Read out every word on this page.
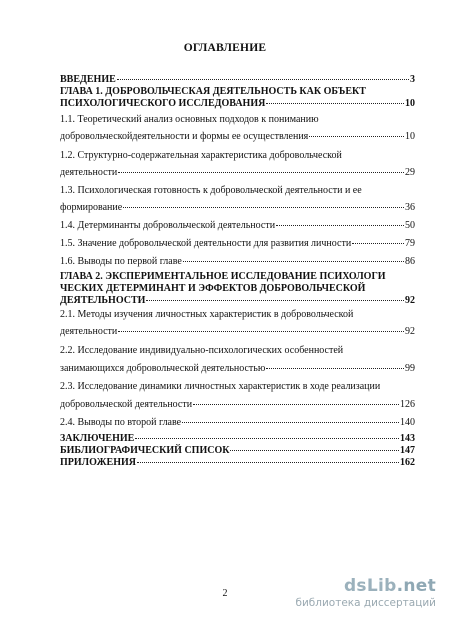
ОГЛАВЛЕНИЕ
ВВЕДЕНИЕ	3
ГЛАВА 1. ДОБРОВОЛЬЧЕСКАЯ ДЕЯТЕЛЬНОСТЬ КАК ОБЪЕКТ
ПСИХОЛОГИЧЕСКОГО ИССЛЕДОВАНИЯ	10
1.1. Теоретический анализ основных подходов к пониманию
добровольческойдеятельности и формы ее осуществления	10
1.2. Структурно-содержательная характеристика добровольческой
деятельности	29
1.3. Психологическая готовность к добровольческой деятельности и ее
формирование	36
1.4. Детерминанты добровольческой деятельности	50
1.5. Значение добровольческой деятельности для развития личности	79
1.6. Выводы по первой главе	86
ГЛАВА 2. ЭКСПЕРИМЕНТАЛЬНОЕ ИССЛЕДОВАНИЕ ПСИХОЛОГИ
ЧЕСКИХ ДЕТЕРМИНАНТ И ЭФФЕКТОВ ДОБРОВОЛЬЧЕСКОЙ
ДЕЯТЕЛЬНОСТИ	92
2.1. Методы изучения личностных характеристик в добровольческой
деятельности	92
2.2. Исследование индивидуально-психологических особенностей
занимающихся добровольческой деятельностью	99
2.3. Исследование динамики личностных характеристик в ходе реализации
добровольческой деятельности	126
2.4. Выводы по второй главе	140
ЗАКЛЮЧЕНИЕ	143
БИБЛИОГРАФИЧЕСКИЙ СПИСОК	147
ПРИЛОЖЕНИЯ	162
2	dsLib.net
библиотека диссертаций
